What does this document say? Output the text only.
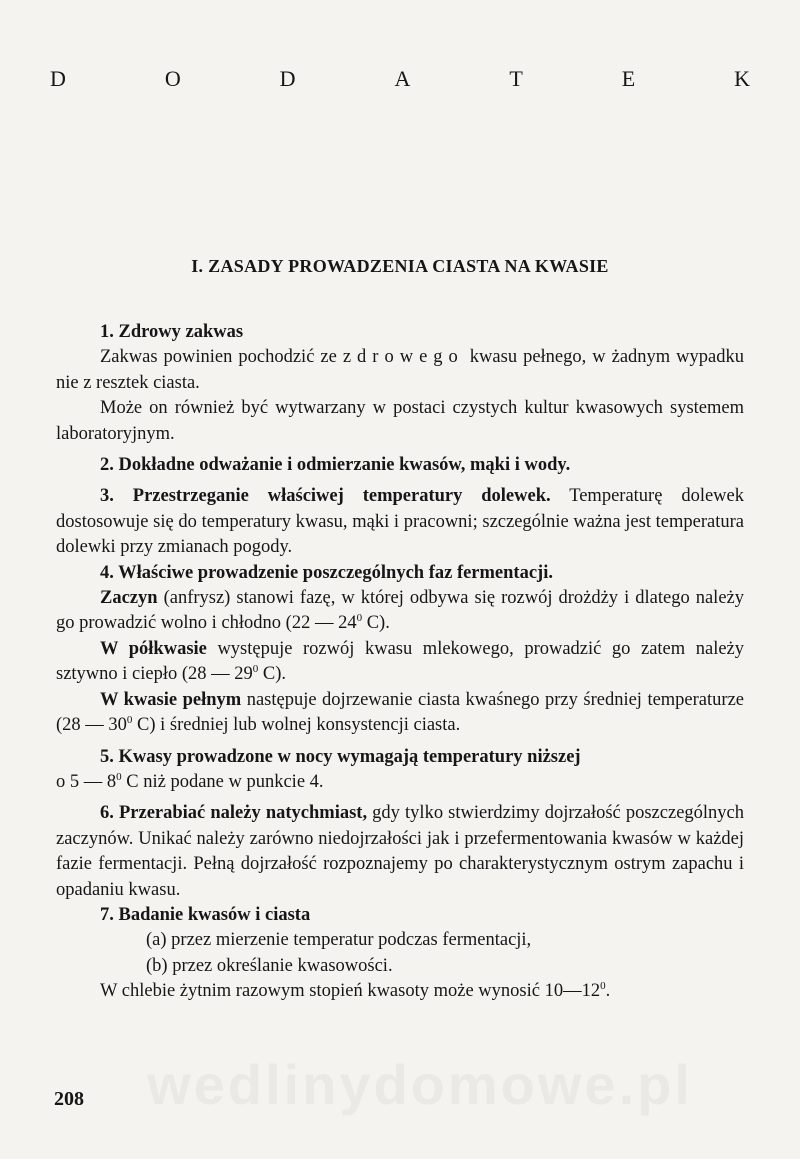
D	O	D	A	T	E	K
I. ZASADY PROWADZENIA CIASTA NA KWASIE

1. Zdrowy zakwas

Zakwas powinien pochodzić ze zdrowego kwasu pełnego, w żadnym wypadku nie z resztek ciasta.

Może on również być wytwarzany w postaci czystych kultur kwasowych systemem laboratoryjnym.

2. Dokładne odważanie i odmierzanie kwasów, mąki i wody.

3. Przestrzeganie właściwej temperatury dolewek. Temperaturę dolewek dostosowuje się do temperatury kwasu, mąki i pracowni; szczególnie ważna jest temperatura dolewki przy zmianach pogody.

4. Właściwe prowadzenie poszczególnych faz fermentacji.

Zaczyn (anfrysz) stanowi fazę, w której odbywa się rozwój drożdży i dlatego należy go prowadzić wolno i chłodno (22 — $24^0$ C).

W półkwasie występuje rozwój kwasu mlekowego, prowadzić go zatem należy sztywno i ciepło (28 — $29^0$ C).

W kwasie pełnym następuje dojrzewanie ciasta kwaśnego przy średniej temperaturze (28 — $30^0$ C) i średniej lub wolnej konsystencji ciasta.

5. Kwasy prowadzone w nocy wymagają temperatury niższej

o 5 — $8^0$ C niż podane w punkcie 4.

6. Przerabiać należy natychmiast, gdy tylko stwierdzimy dojrzałość poszczególnych zaczynów. Unikać należy zarówno niedojrzałości jak i przefermentowania kwasów w każdej fazie fermentacji. Pełną dojrzałość rozpoznajemy po charakterystycznym ostrym zapachu i opadaniu kwasu.

7. Badanie kwasów i ciasta

(a) przez mierzenie temperatur podczas fermentacji,

(b) przez określanie kwasowości.

W chlebie żytnim razowym stopień kwasoty może wynosić $10—12^0$.

wedlinydomowe.pl
208
